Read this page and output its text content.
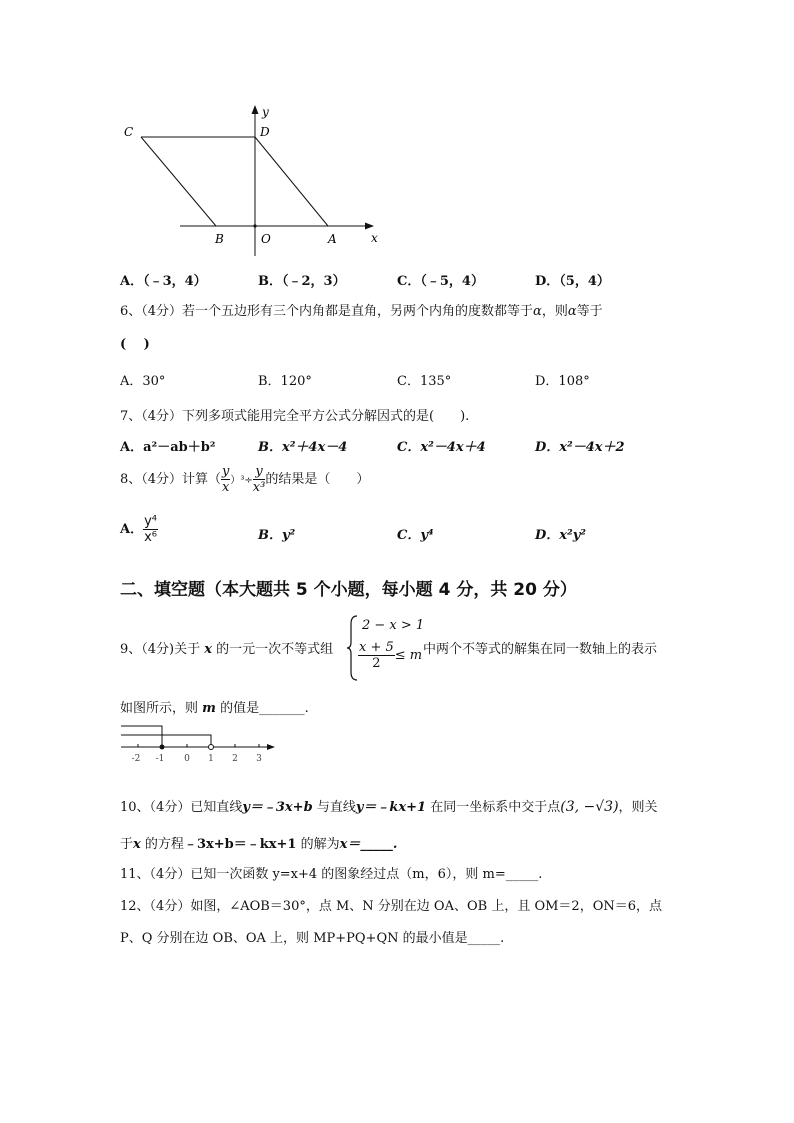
C	D
B	O	A	x
y
A．（﹣3，4）	B．（﹣2，3）	C．（﹣5，4）	D．（5，4）
6、（4分）若一个五边形有三个内角都是直角，另两个内角的度数都等于α，则α等于
(　 )
A．30°	B．120°	C．135°	D．108°
7、（4分）下列多项式能用完全平方公式分解因式的是(　　).
A．a²－ab＋b²	B．x²＋4x－4	C．x²－4x＋4	D．x²－4x＋2
8、（4分）计算（ $\frac{y}{x} )^3\div \frac{y}{\text{x³}}$ 的结果是（　　）
A． $\frac{\text{y⁴}}{\text{x⁶}}$	B．y²	C．y⁴	D．x²y²
二、填空题（本大题共 5 个小题，每小题 4 分，共 20 分）
9、（4分)关于 x 的一元一次不等式组
2 − x > 1
$\frac{x + 5}{2} \le m$ 中两个不等式的解集在同一数轴上的表示
如图所示，则 m 的值是_______.
-2 -1 0 1 2 3
10、（4分）已知直线y＝﹣3x+b 与直线y＝﹣kx+1 在同一坐标系中交于点(3, −√3)，则关
于x 的方程﹣3x+b＝﹣kx+1 的解为x＝_____.
11、（4分）已知一次函数 y=x+4 的图象经过点（m，6），则 m=_____.
12、（4分）如图，∠AOB＝30°，点 M、N 分别在边 OA、OB 上，且 OM＝2，ON＝6，点
P、Q 分别在边 OB、OA 上，则 MP+PQ+QN 的最小值是_____.
